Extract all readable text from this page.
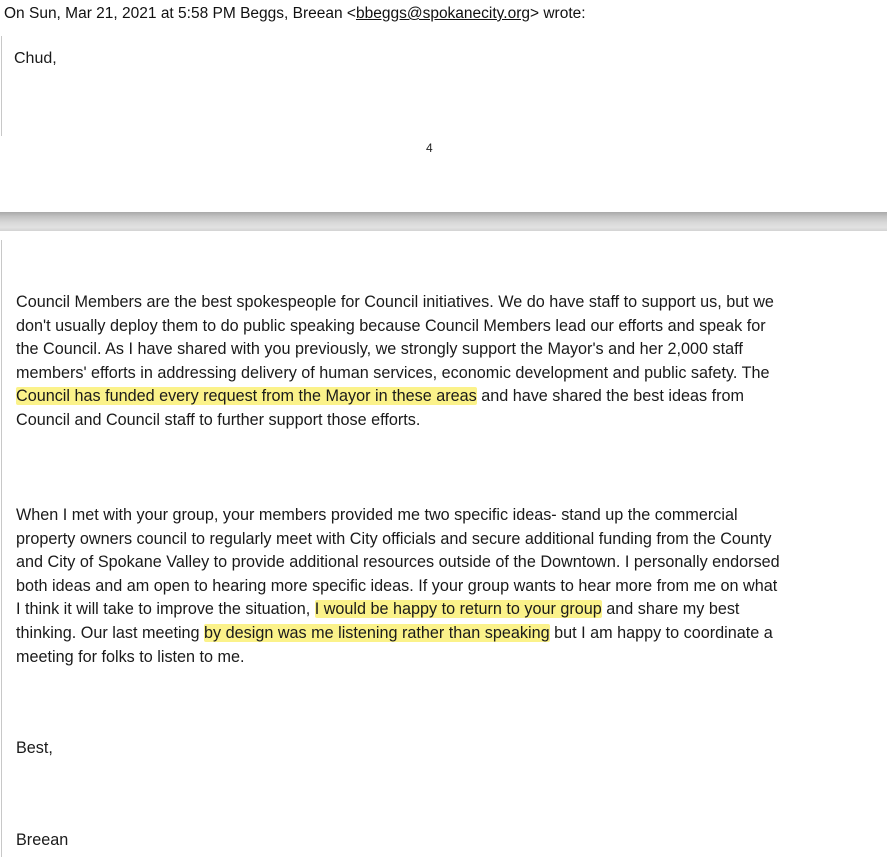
On Sun, Mar 21, 2021 at 5:58 PM Beggs, Breean <bbeggs@spokanecity.org> wrote:
Chud,
4
Council Members are the best spokespeople for Council initiatives. We do have staff to support us, but we
don't usually deploy them to do public speaking because Council Members lead our efforts and speak for
the Council. As I have shared with you previously, we strongly support the Mayor's and her 2,000 staff
members' efforts in addressing delivery of human services, economic development and public safety. The
Council has funded every request from the Mayor in these areas and have shared the best ideas from
Council and Council staff to further support those efforts.
When I met with your group, your members provided me two specific ideas- stand up the commercial
property owners council to regularly meet with City officials and secure additional funding from the County
and City of Spokane Valley to provide additional resources outside of the Downtown. I personally endorsed
both ideas and am open to hearing more specific ideas. If your group wants to hear more from me on what
I think it will take to improve the situation, I would be happy to return to your group and share my best
thinking. Our last meeting by design was me listening rather than speaking but I am happy to coordinate a
meeting for folks to listen to me.
Best,
Breean
